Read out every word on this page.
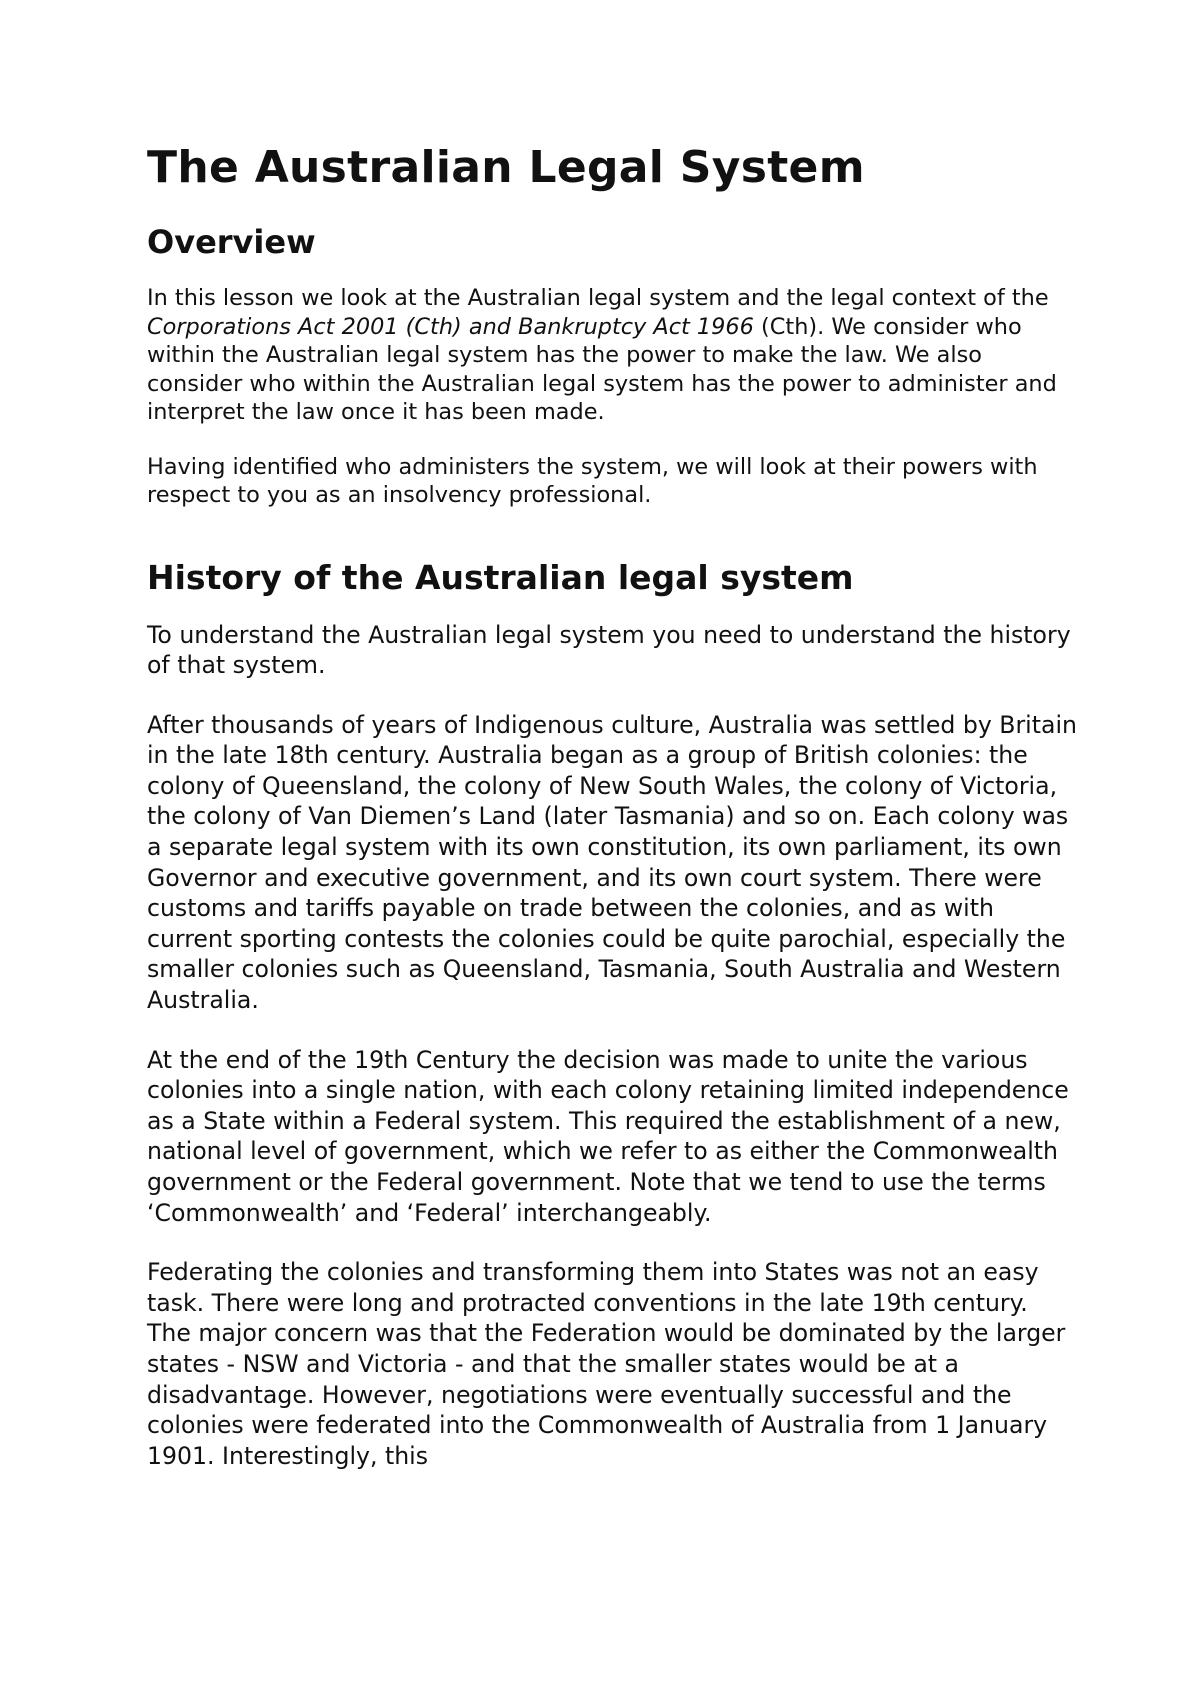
The Australian Legal System
Overview

In this lesson we look at the Australian legal system and the legal context of the Corporations Act 2001 (Cth) and Bankruptcy Act 1966 (Cth). We consider who within the Australian legal system has the power to make the law. We also consider who within the Australian legal system has the power to administer and interpret the law once it has been made.

Having identified who administers the system, we will look at their powers with respect to you as an insolvency professional.

History of the Australian legal system

To understand the Australian legal system you need to understand the history of that system.

After thousands of years of Indigenous culture, Australia was settled by Britain in the late 18th century. Australia began as a group of British colonies: the colony of Queensland, the colony of New South Wales, the colony of Victoria, the colony of Van Diemen’s Land (later Tasmania) and so on. Each colony was a separate legal system with its own constitution, its own parliament, its own Governor and executive government, and its own court system. There were customs and tariffs payable on trade between the colonies, and as with current sporting contests the colonies could be quite parochial, especially the smaller colonies such as Queensland, Tasmania, South Australia and Western Australia.

At the end of the 19th Century the decision was made to unite the various colonies into a single nation, with each colony retaining limited independence as a State within a Federal system. This required the establishment of a new, national level of government, which we refer to as either the Commonwealth government or the Federal government. Note that we tend to use the terms ‘Commonwealth’ and ‘Federal’ interchangeably.

Federating the colonies and transforming them into States was not an easy task. There were long and protracted conventions in the late 19th century. The major concern was that the Federation would be dominated by the larger states - NSW and Victoria - and that the smaller states would be at a disadvantage. However, negotiations were eventually successful and the colonies were federated into the Commonwealth of Australia from 1 January 1901. Interestingly, this
